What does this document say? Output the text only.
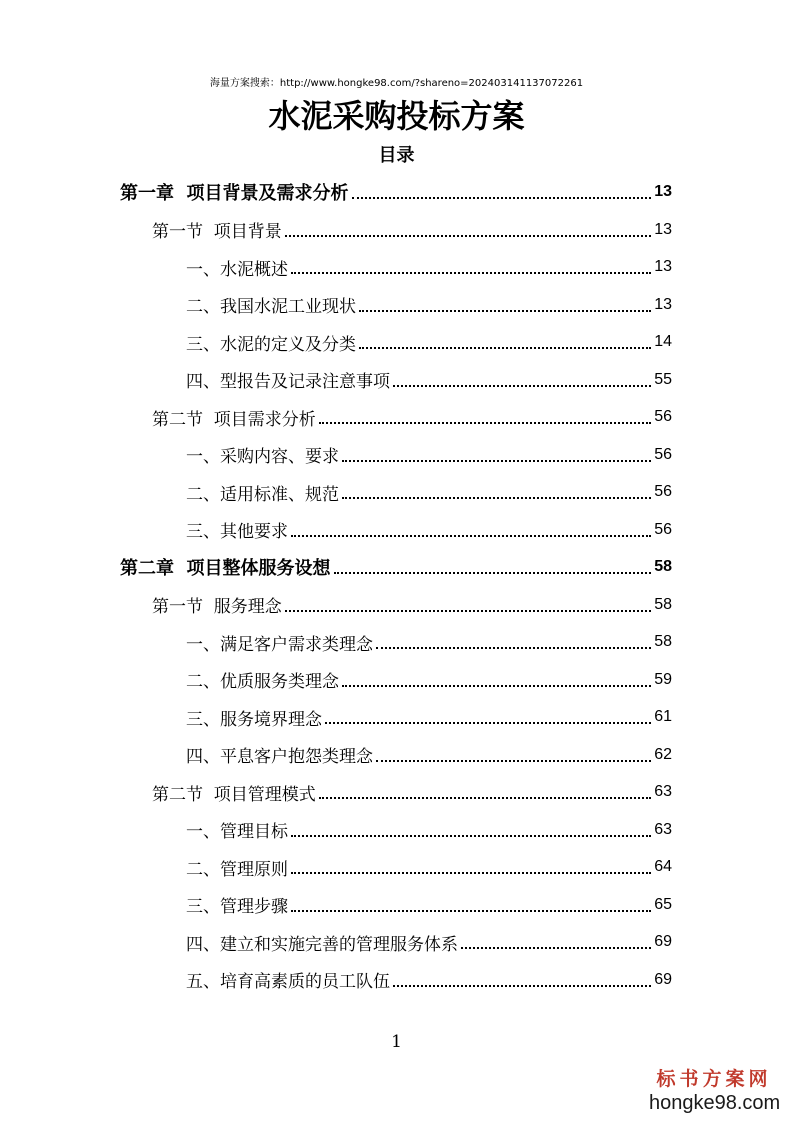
海量方案搜索：http://www.hongke98.com/?shareno=202403141137072261
水泥采购投标方案
目录
第一章  项目背景及需求分析	13
第一节  项目背景	13
一、水泥概述	13
二、我国水泥工业现状	13
三、水泥的定义及分类	14
四、型报告及记录注意事项	55
第二节  项目需求分析	56
一、采购内容、要求	56
二、适用标准、规范	56
三、其他要求	56
第二章  项目整体服务设想	58
第一节  服务理念	58
一、满足客户需求类理念	58
二、优质服务类理念	59
三、服务境界理念	61
四、平息客户抱怨类理念	62
第二节  项目管理模式	63
一、管理目标	63
二、管理原则	64
三、管理步骤	65
四、建立和实施完善的管理服务体系	69
五、培育高素质的员工队伍	69
1
标书方案网
hongke98.com
